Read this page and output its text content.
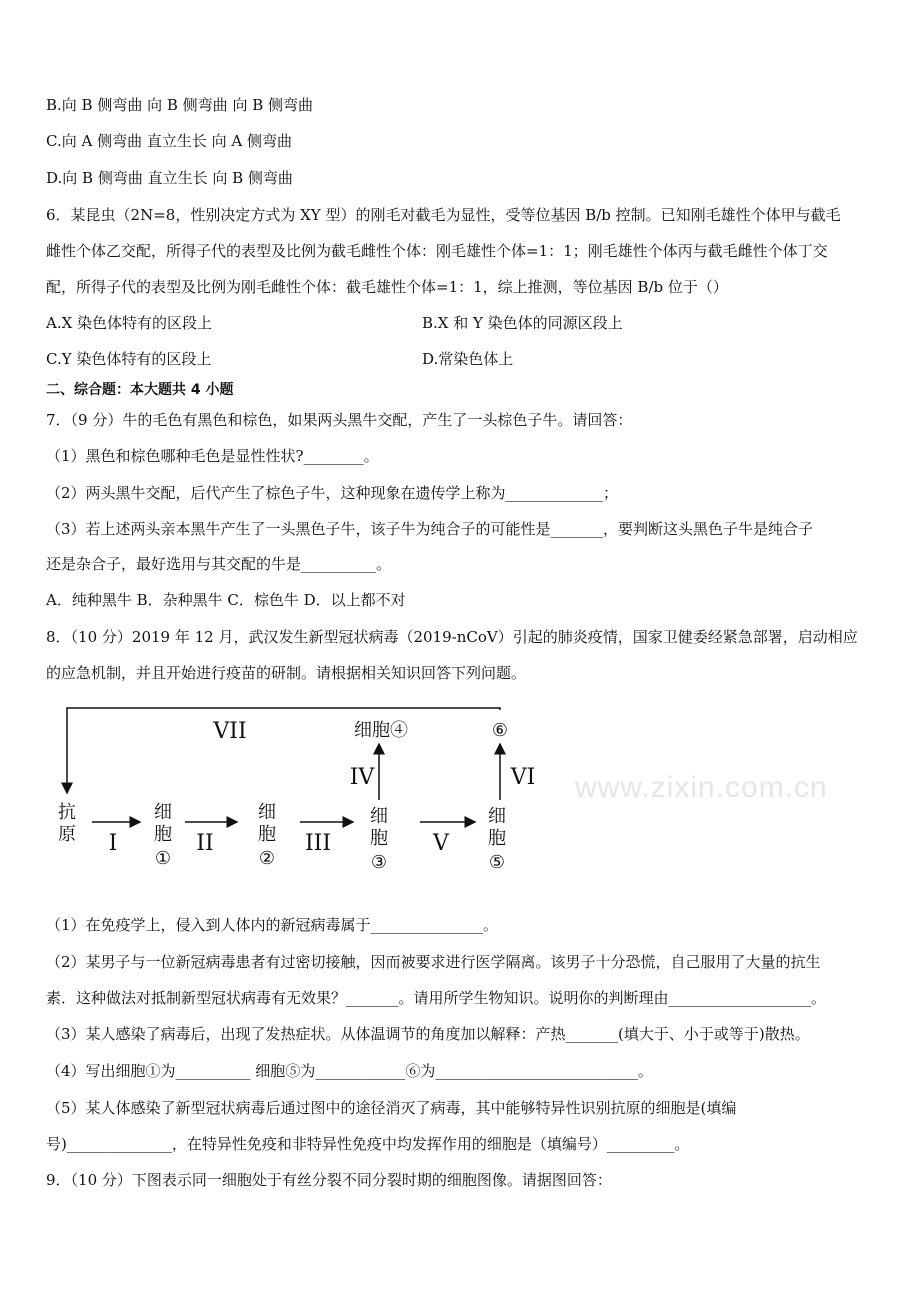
www.zixin.com.cn
B.向 B 侧弯曲 向 B 侧弯曲 向 B 侧弯曲
C.向 A 侧弯曲 直立生长 向 A 侧弯曲
D.向 B 侧弯曲 直立生长 向 B 侧弯曲
6．某昆虫（2N=8，性别决定方式为 XY 型）的刚毛对截毛为显性，受等位基因 B/b 控制。已知刚毛雄性个体甲与截毛
雌性个体乙交配，所得子代的表型及比例为截毛雌性个体：刚毛雄性个体=1：1；刚毛雄性个体丙与截毛雌性个体丁交
配，所得子代的表型及比例为刚毛雌性个体：截毛雄性个体=1：1，综上推测，等位基因 B/b 位于（）
A.X 染色体特有的区段上	B.X 和 Y 染色体的同源区段上
C.Y 染色体特有的区段上	D.常染色体上
二、综合题：本大题共 4 小题
7．（9 分）牛的毛色有黑色和棕色，如果两头黑牛交配，产生了一头棕色子牛。请回答：
（1）黑色和棕色哪种毛色是显性性状?________。
（2）两头黑牛交配，后代产生了棕色子牛，这种现象在遗传学上称为_____________；
（3）若上述两头亲本黑牛产生了一头黑色子牛，该子牛为纯合子的可能性是_______，要判断这头黑色子牛是纯合子
还是杂合子，最好选用与其交配的牛是__________。
A．纯种黑牛 B．杂种黑牛 C．棕色牛 D．以上都不对
8．（10 分）2019 年 12 月，武汉发生新型冠状病毒（2019-nCoV）引起的肺炎疫情，国家卫健委经紧急部署，启动相应
的应急机制，并且开始进行疫苗的研制。请根据相关知识回答下列问题。
抗
原
细
胞
①
细
胞
②
细
胞
③
细
胞
⑤
细胞④	⑥
I	II	III	V
IV	VI
VII
（1）在免疫学上，侵入到人体内的新冠病毒属于_______________。
（2）某男子与一位新冠病毒患者有过密切接触，因而被要求进行医学隔离。该男子十分恐慌，自己服用了大量的抗生
素．这种做法对抵制新型冠状病毒有无效果？_______。请用所学生物知识。说明你的判断理由___________________。
（3）某人感染了病毒后，出现了发热症状。从体温调节的角度加以解释：产热_______(填大于、小于或等于)散热。
（4）写出细胞①为__________ 细胞⑤为____________⑥为___________________________。
（5）某人体感染了新型冠状病毒后通过图中的途径消灭了病毒，其中能够特异性识别抗原的细胞是(填编
号)______________，在特异性免疫和非特异性免疫中均发挥作用的细胞是（填编号）_________。
9．（10 分）下图表示同一细胞处于有丝分裂不同分裂时期的细胞图像。请据图回答：
